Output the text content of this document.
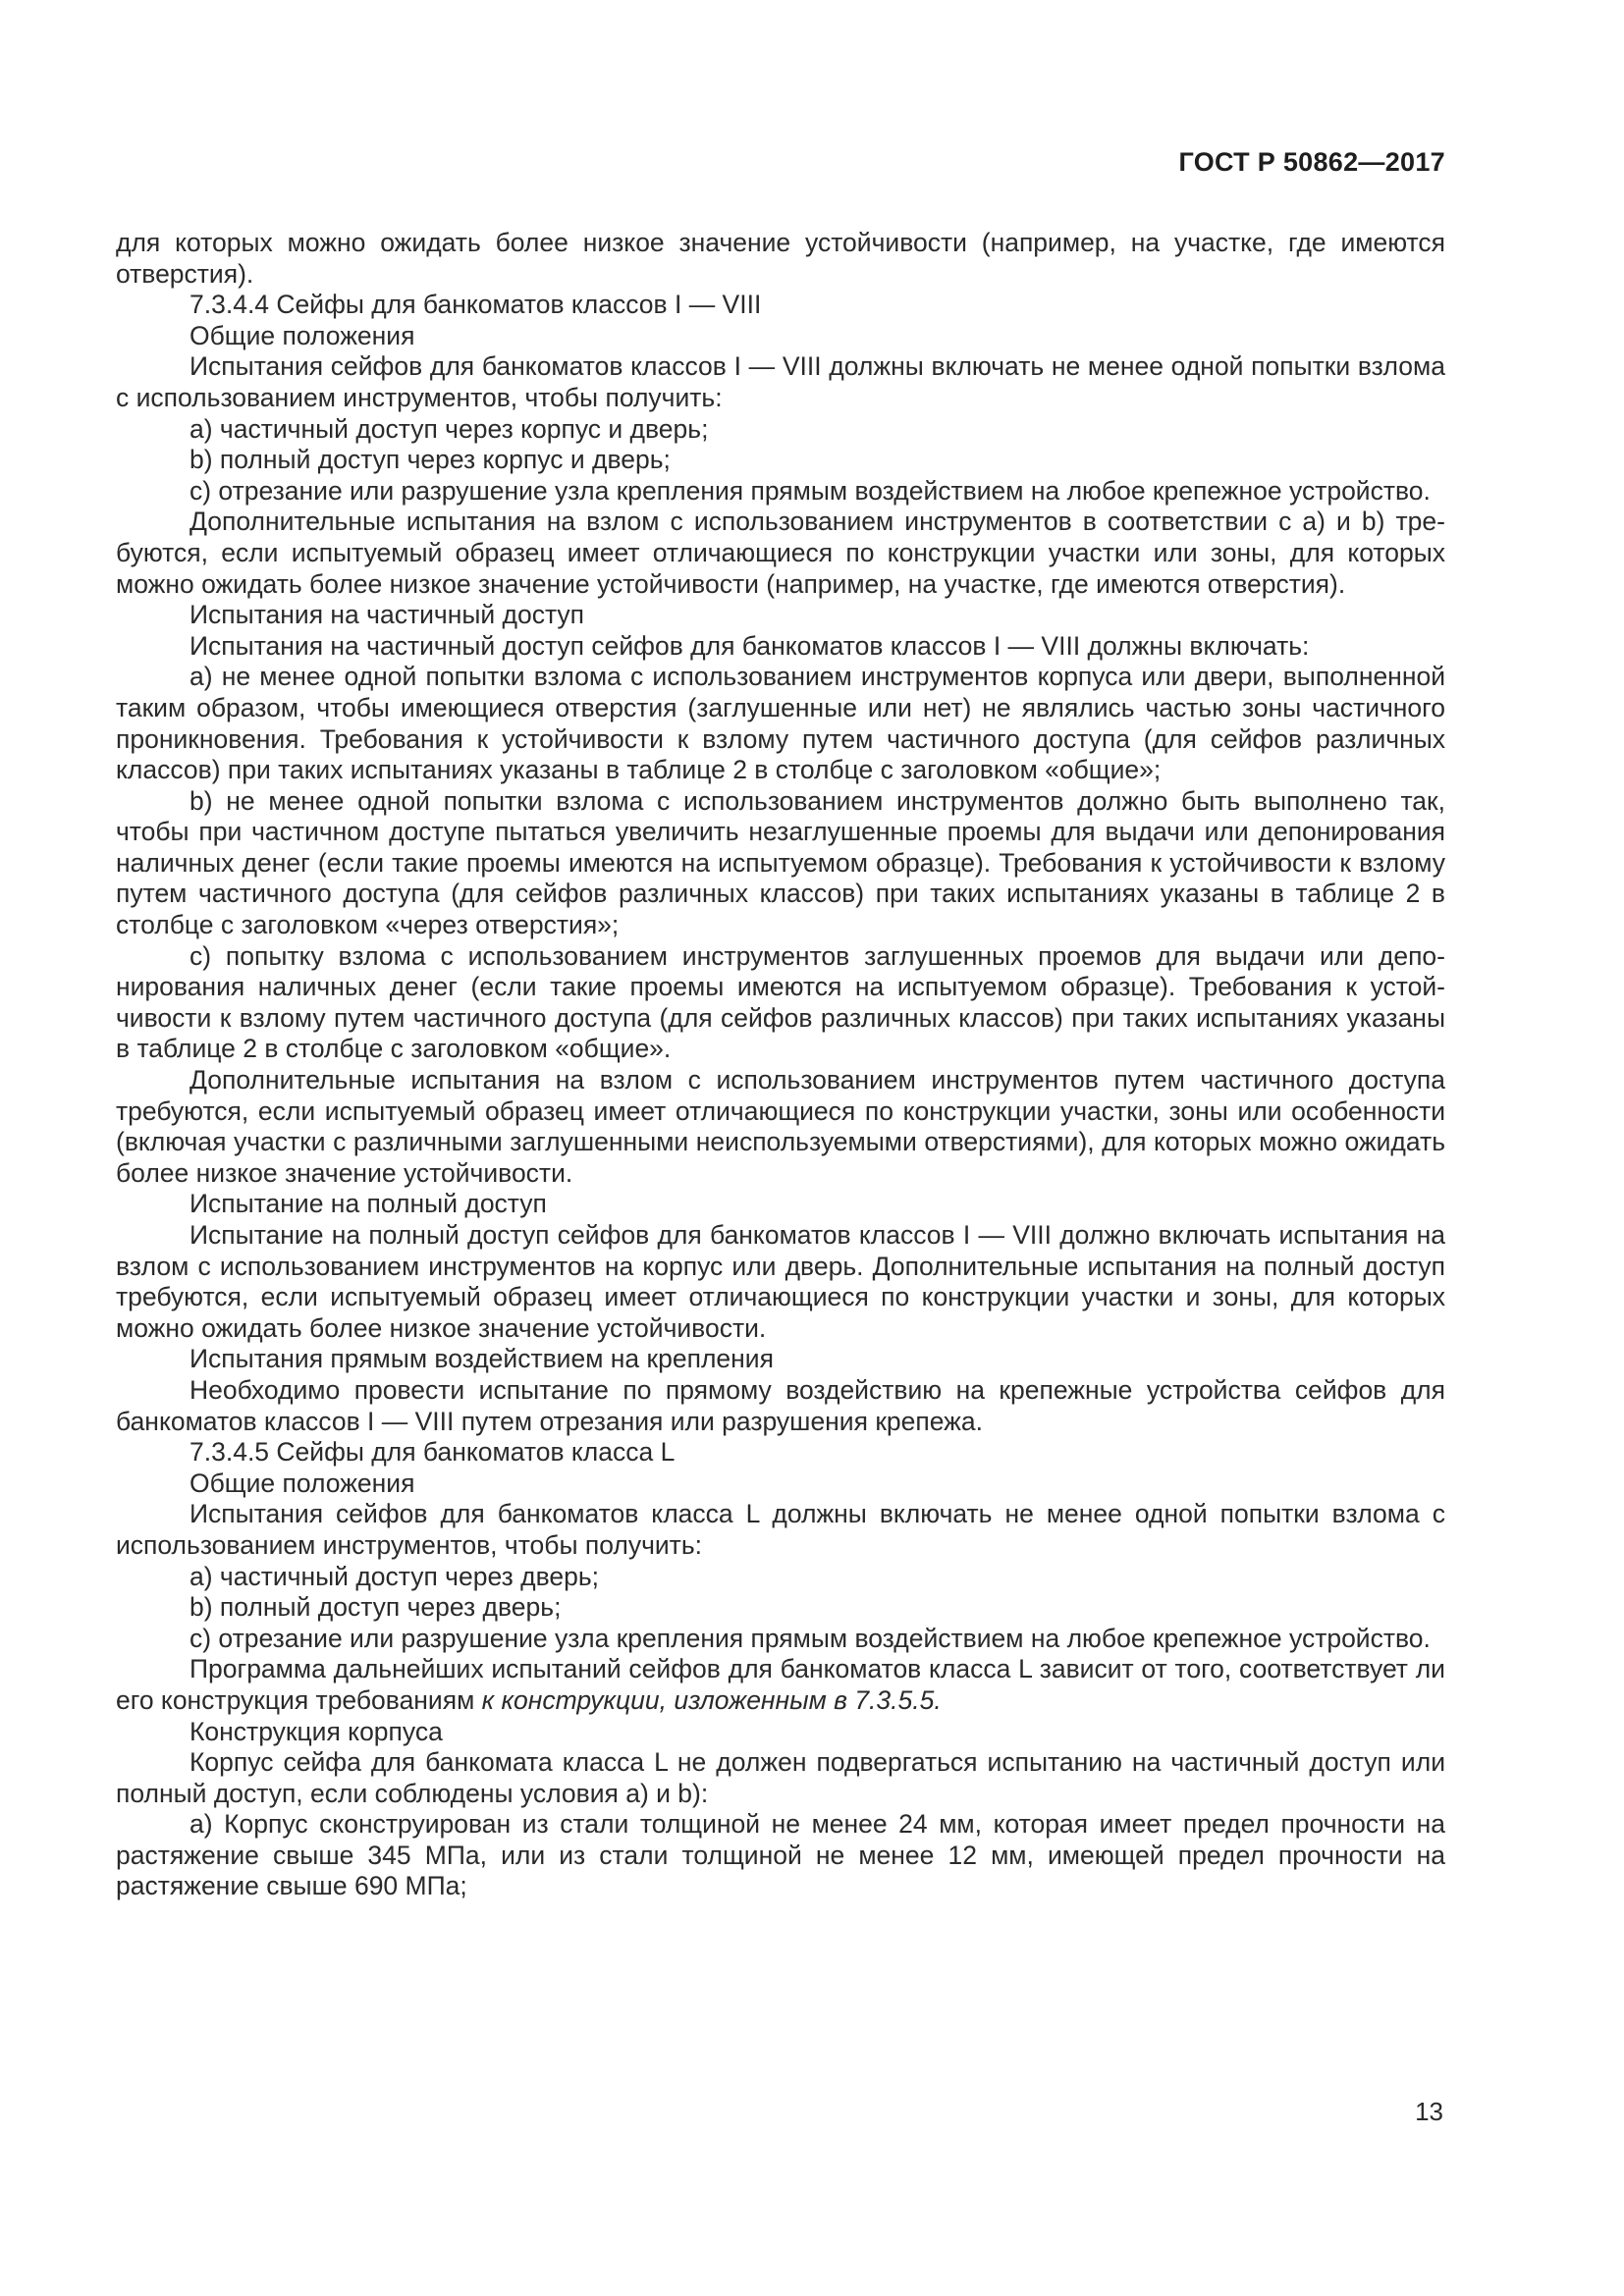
ГОСТ Р 50862—2017

для которых можно ожидать более низкое значение устойчивости (например, на участке, где имеются отверстия).

7.3.4.4 Сейфы для банкоматов классов I — VIII

Общие положения

Испытания сейфов для банкоматов классов I — VIII должны включать не менее одной попытки взлома с использованием инструментов, чтобы получить:

а) частичный доступ через корпус и дверь;

b) полный доступ через корпус и дверь;

с) отрезание или разрушение узла крепления прямым воздействием на любое крепежное устройство.

Дополнительные испытания на взлом с использованием инструментов в соответствии с а) и b) требуются, если испытуемый образец имеет отличающиеся по конструкции участки или зоны, для которых можно ожидать более низкое значение устойчивости (например, на участке, где имеются отверстия).

Испытания на частичный доступ

Испытания на частичный доступ сейфов для банкоматов классов I — VIII должны включать:

а) не менее одной попытки взлома с использованием инструментов корпуса или двери, выполненной таким образом, чтобы имеющиеся отверстия (заглушенные или нет) не являлись частью зоны частичного проникновения. Требования к устойчивости к взлому путем частичного доступа (для сейфов различных классов) при таких испытаниях указаны в таблице 2 в столбце с заголовком «общие»;

b) не менее одной попытки взлома с использованием инструментов должно быть выполнено так, чтобы при частичном доступе пытаться увеличить незаглушенные проемы для выдачи или депонирования наличных денег (если такие проемы имеются на испытуемом образце). Требования к устойчивости к взлому путем частичного доступа (для сейфов различных классов) при таких испытаниях указаны в таблице 2 в столбце с заголовком «через отверстия»;

с) попытку взлома с использованием инструментов заглушенных проемов для выдачи или депонирования наличных денег (если такие проемы имеются на испытуемом образце). Требования к устойчивости к взлому путем частичного доступа (для сейфов различных классов) при таких испытаниях указаны в таблице 2 в столбце с заголовком «общие».

Дополнительные испытания на взлом с использованием инструментов путем частичного доступа требуются, если испытуемый образец имеет отличающиеся по конструкции участки, зоны или особенности (включая участки с различными заглушенными неиспользуемыми отверстиями), для которых можно ожидать более низкое значение устойчивости.

Испытание на полный доступ

Испытание на полный доступ сейфов для банкоматов классов I — VIII должно включать испытания на взлом с использованием инструментов на корпус или дверь. Дополнительные испытания на полный доступ требуются, если испытуемый образец имеет отличающиеся по конструкции участки и зоны, для которых можно ожидать более низкое значение устойчивости.

Испытания прямым воздействием на крепления

Необходимо провести испытание по прямому воздействию на крепежные устройства сейфов для банкоматов классов I — VIII путем отрезания или разрушения крепежа.

7.3.4.5 Сейфы для банкоматов класса L

Общие положения

Испытания сейфов для банкоматов класса L должны включать не менее одной попытки взлома с использованием инструментов, чтобы получить:

а) частичный доступ через дверь;

b) полный доступ через дверь;

с) отрезание или разрушение узла крепления прямым воздействием на любое крепежное устройство.

Программа дальнейших испытаний сейфов для банкоматов класса L зависит от того, соответствует ли его конструкция требованиям к конструкции, изложенным в 7.3.5.5.

Конструкция корпуса

Корпус сейфа для банкомата класса L не должен подвергаться испытанию на частичный доступ или полный доступ, если соблюдены условия а) и b):

а) Корпус сконструирован из стали толщиной не менее 24 мм, которая имеет предел прочности на растяжение свыше 345 МПа, или из стали толщиной не менее 12 мм, имеющей предел прочности на растяжение свыше 690 МПа;

13
